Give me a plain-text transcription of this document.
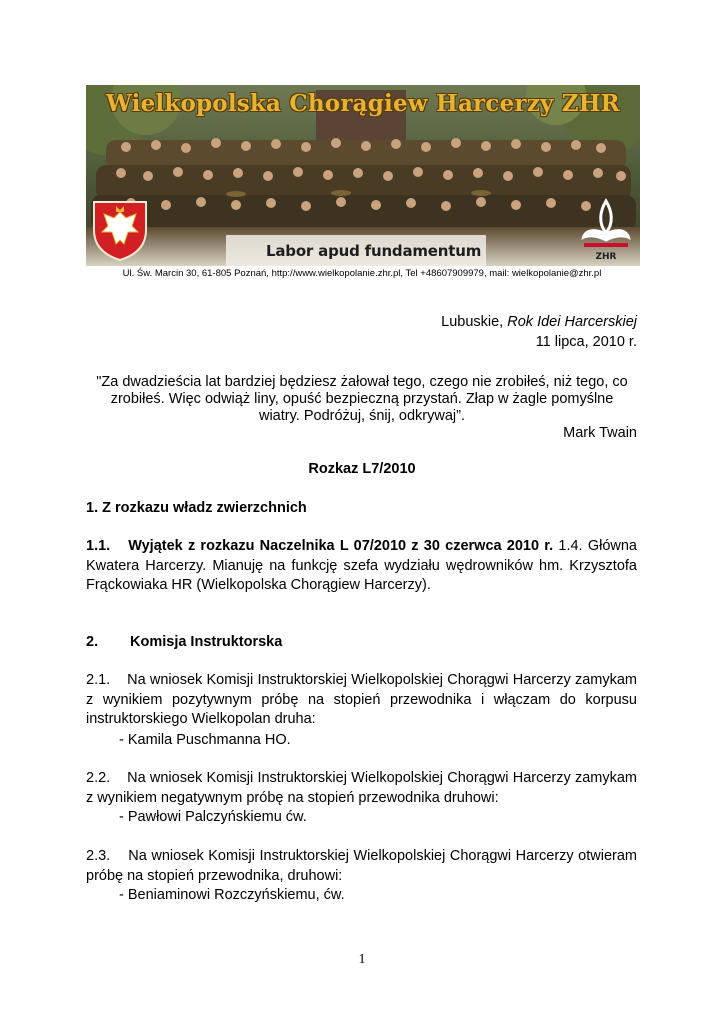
ZHR
Wielkopolska Chorągiew Harcerzy ZHR
Labor apud fundamentum
Ul. Św. Marcin 30, 61-805 Poznań, http://www.wielkopolanie.zhr.pl, Tel +48607909979, mail: wielkopolanie@zhr.pl
Lubuskie, Rok Idei Harcerskiej
11 lipca, 2010 r.
"Za dwadzieścia lat bardziej będziesz żałował tego, czego nie zrobiłeś, niż tego, co
zrobiłeś. Więc odwiąż liny, opuść bezpieczną przystań. Złap w żagle pomyślne
wiatry. Podróżuj, śnij, odkrywaj”.
Mark Twain
Rozkaz L7/2010
1. Z rozkazu władz zwierzchnich
1.1. Wyjątek z rozkazu Naczelnika L 07/2010 z 30 czerwca 2010 r. 1.4. Główna Kwatera Harcerzy. Mianuję na funkcję szefa wydziału wędrowników hm. Krzysztofa Frąckowiaka HR (Wielkopolska Chorągiew Harcerzy).
2. Komisja Instruktorska
2.1.    Na wniosek Komisji Instruktorskiej Wielkopolskiej Chorągwi Harcerzy zamykam z wynikiem pozytywnym próbę na stopień przewodnika i włączam do korpusu instruktorskiego Wielkopolan druha:
- Kamila Puschmanna HO.
2.2.    Na wniosek Komisji Instruktorskiej Wielkopolskiej Chorągwi Harcerzy zamykam z wynikiem negatywnym próbę na stopień przewodnika druhowi:
- Pawłowi Palczyńskiemu ćw.
2.3.    Na wniosek Komisji Instruktorskiej Wielkopolskiej Chorągwi Harcerzy otwieram próbę na stopień przewodnika, druhowi:
- Beniaminowi Rozczyńskiemu, ćw.
1
